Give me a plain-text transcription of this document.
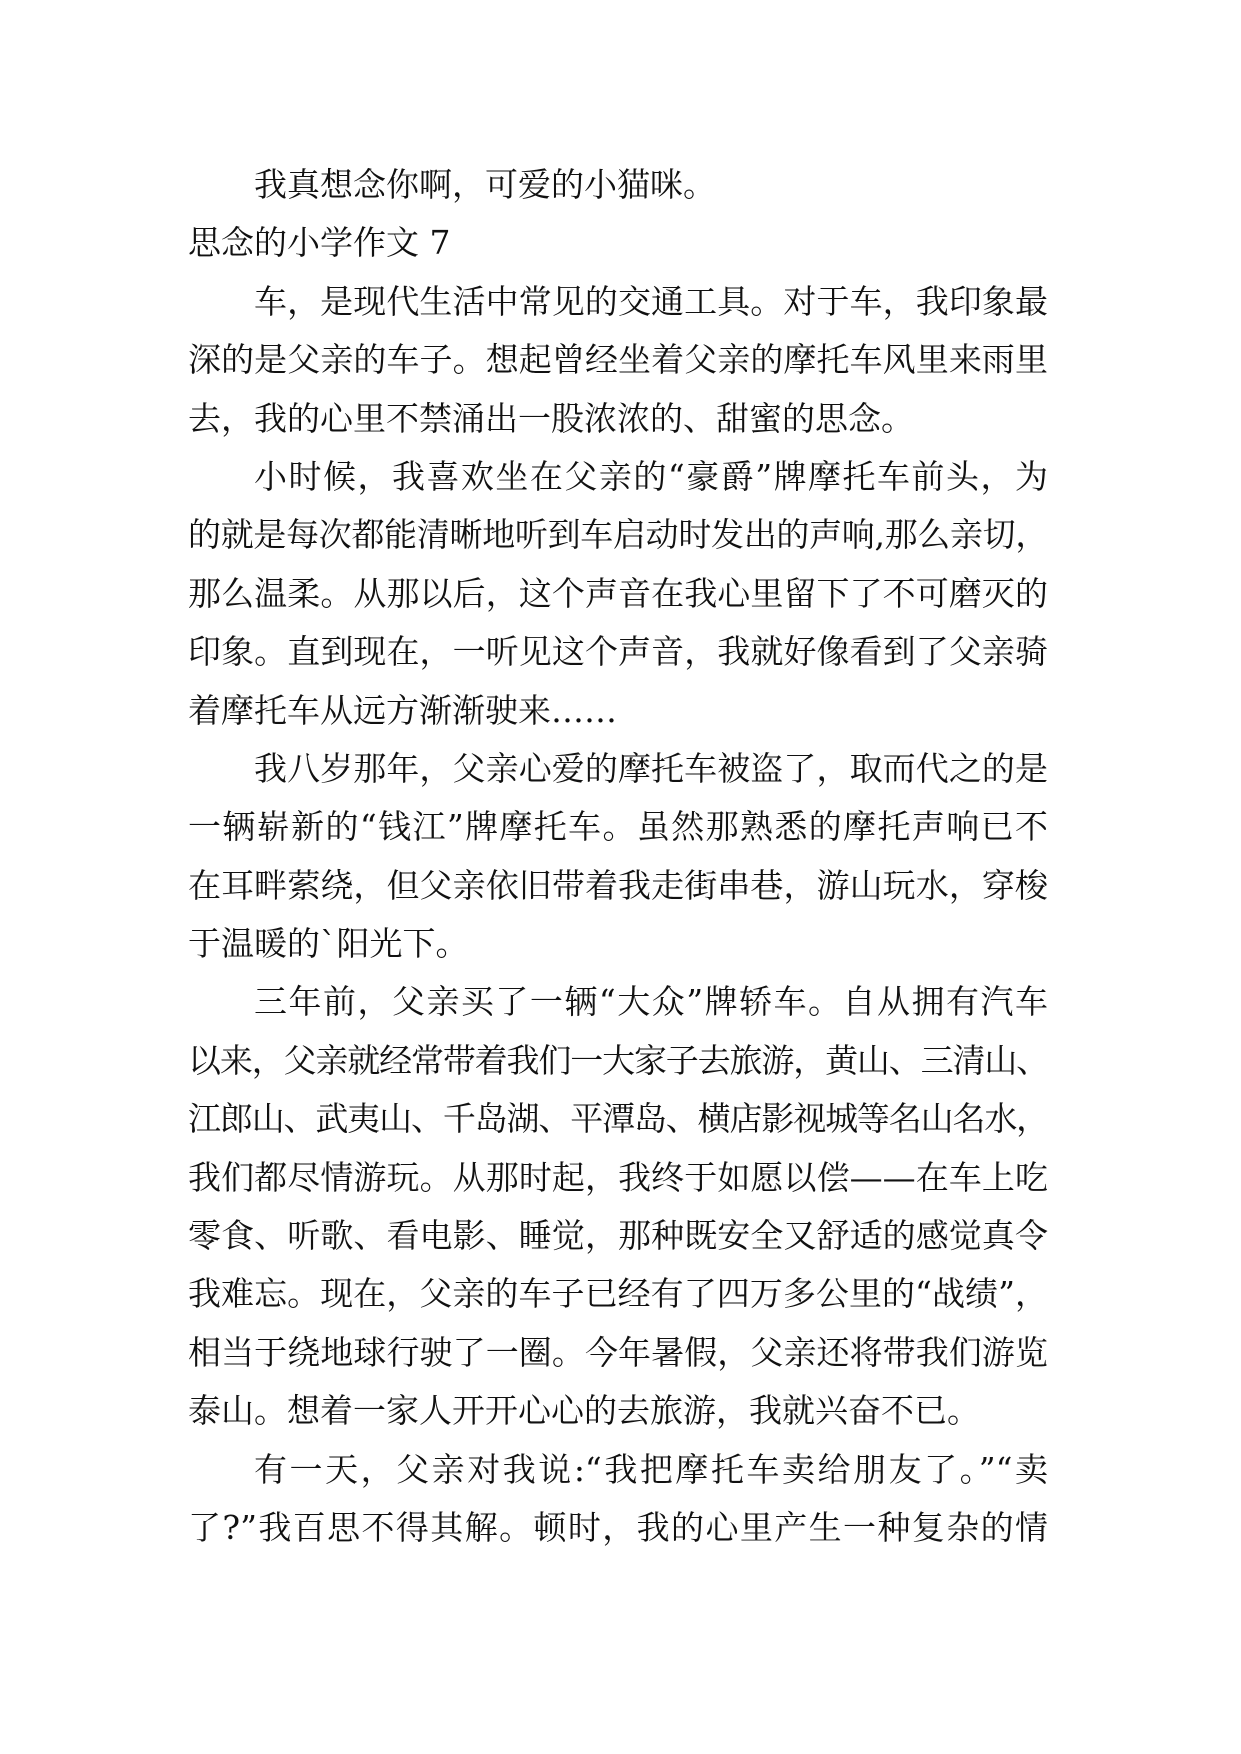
我真想念你啊，可爱的小猫咪。
思念的小学作文 7
车，是现代生活中常见的交通工具。对于车，我印象最
深的是父亲的车子。想起曾经坐着父亲的摩托车风里来雨里
去，我的心里不禁涌出一股浓浓的、甜蜜的思念。
小时候，我喜欢坐在父亲的“豪爵”牌摩托车前头，为
的就是每次都能清晰地听到车启动时发出的声响,那么亲切，
那么温柔。从那以后，这个声音在我心里留下了不可磨灭的
印象。直到现在，一听见这个声音，我就好像看到了父亲骑
着摩托车从远方渐渐驶来……
我八岁那年，父亲心爱的摩托车被盗了，取而代之的是
一辆崭新的“钱江”牌摩托车。虽然那熟悉的摩托声响已不
在耳畔萦绕，但父亲依旧带着我走街串巷，游山玩水，穿梭
于温暖的`阳光下。
三年前，父亲买了一辆“大众”牌轿车。自从拥有汽车
以来，父亲就经常带着我们一大家子去旅游，黄山、三清山、
江郎山、武夷山、千岛湖、平潭岛、横店影视城等名山名水，
我们都尽情游玩。从那时起，我终于如愿以偿——在车上吃
零食、听歌、看电影、睡觉，那种既安全又舒适的感觉真令
我难忘。现在，父亲的车子已经有了四万多公里的“战绩”，
相当于绕地球行驶了一圈。今年暑假，父亲还将带我们游览
泰山。想着一家人开开心心的去旅游，我就兴奋不已。
有一天，父亲对我说:“我把摩托车卖给朋友了。”“卖
了?”我百思不得其解。顿时，我的心里产生一种复杂的情
